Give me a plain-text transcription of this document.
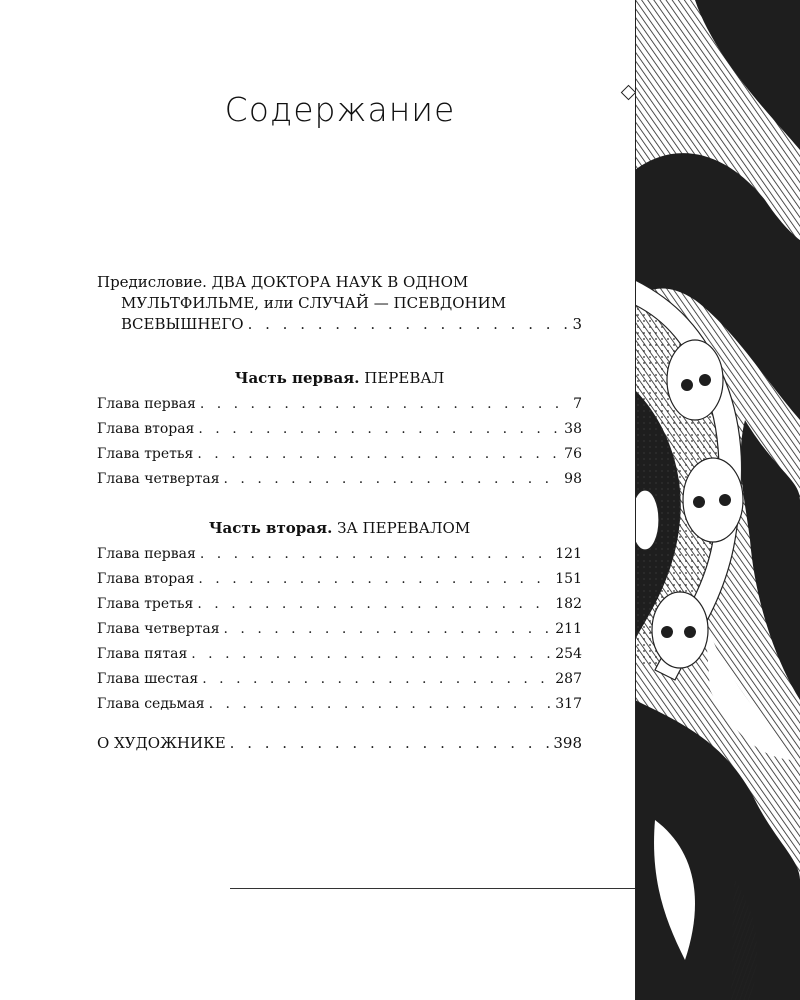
Содержание
Предисловие. ДВА ДОКТОРА НАУК В ОДНОМ
МУЛЬТФИЛЬМЕ, или СЛУЧАЙ — ПСЕВДОНИМ
ВСЕВЫШНЕГО . . .	3
Часть первая. ПЕРЕВАЛ
Глава первая . . .	7
Глава вторая . . .	38
Глава третья . . .	76
Глава четвертая . . .	98
Часть вторая. ЗА ПЕРЕВАЛОМ
Глава первая . . .	121
Глава вторая . . .	151
Глава третья . . .	182
Глава четвертая . . .	211
Глава пятая . . .	254
Глава шестая . . .	287
Глава седьмая . . .	317
О ХУДОЖНИКЕ . . .	398
